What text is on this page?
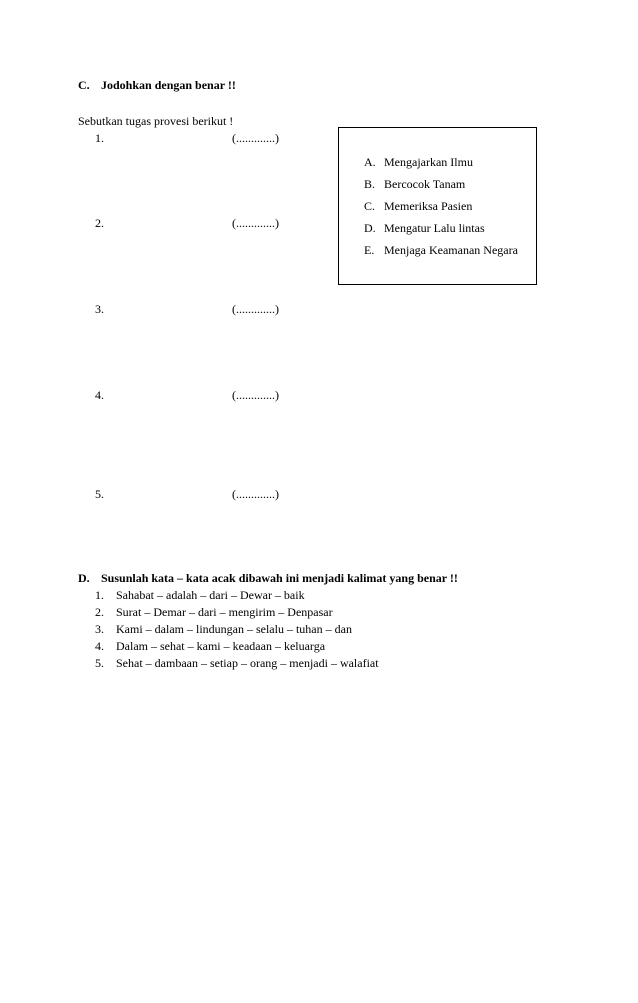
C. Jodohkan dengan benar !!
Sebutkan tugas provesi berikut !
1.	(.............)
2.	(.............)
3.	(.............)
4.	(.............)
5.	(.............)
A. Mengajarkan Ilmu
B. Bercocok Tanam
C. Memeriksa Pasien
D. Mengatur Lalu lintas
E. Menjaga Keamanan Negara
D. Susunlah kata – kata acak dibawah ini menjadi kalimat yang benar !!
1. Sahabat – adalah – dari – Dewar – baik
2. Surat – Demar – dari – mengirim – Denpasar
3. Kami – dalam – lindungan – selalu – tuhan – dan
4. Dalam – sehat – kami – keadaan – keluarga
5. Sehat – dambaan – setiap – orang – menjadi – walafiat
